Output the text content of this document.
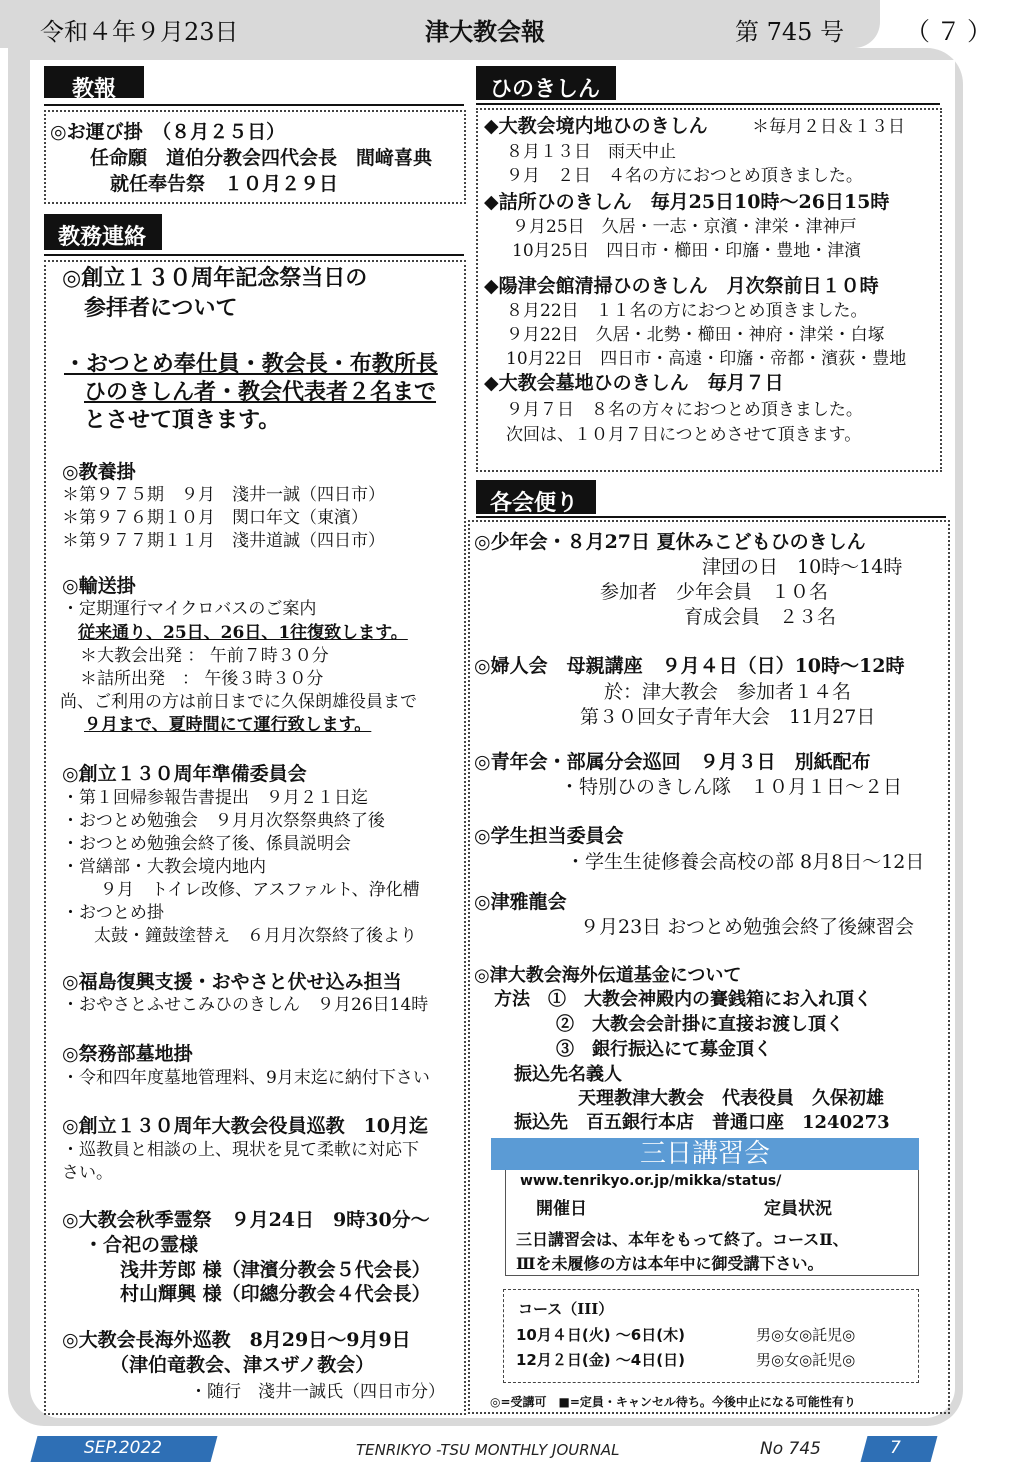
令和４年９月23日	津大教会報	第 745 号 （７）
教報
◎お運び掛　（８月２５日）
任命願　道伯分教会四代会長　間﨑喜典
就任奉告祭　１０月２９日
教務連絡
◎創立１３０周年記念祭当日の
参拝者について
・おつとめ奉仕員・教会長・布教所長
ひのきしん者・教会代表者２名まで
とさせて頂きます。
◎教養掛
＊第９７５期　９月　淺井一誠（四日市）
＊第９７６期１０月　関口年文（東濱）
＊第９７７期１１月　淺井道誠（四日市）
◎輸送掛
・定期運行マイクロバスのご案内
従来通り、25日、26日、1往復致します。
＊大教会出発 ： 午前７時３０分
＊詰所出発　： 午後３時３０分
尚、ご利用の方は前日までに久保朗雄役員まで
９月まで、夏時間にて運行致します。
◎創立１３０周年準備委員会
・第１回帰参報告書提出　９月２１日迄
・おつとめ勉強会　９月月次祭祭典終了後
・おつとめ勉強会終了後、係員説明会
・営繕部・大教会境内地内
９月　トイレ改修、アスファルト、浄化槽
・おつとめ掛
太鼓・鐘鼓塗替え　６月月次祭終了後より
◎福島復興支援・おやさと伏せ込み担当
・おやさとふせこみひのきしん　９月26日14時
◎祭務部墓地掛
・令和四年度墓地管理料、9月末迄に納付下さい
◎創立１３０周年大教会役員巡教　10月迄
・巡教員と相談の上、現状を見て柔軟に対応下
さい。
◎大教会秋季霊祭　９月24日　9時30分～
・合祀の霊様
浅井芳郎 様（津濱分教会５代会長）
村山輝興 様（印總分教会４代会長）
◎大教会長海外巡教　8月29日～9月9日
（津伯竜教会、津スザノ教会）
・随行　淺井一誠氏（四日市分）
ひのきしん
◆大教会境内地ひのきしん	＊毎月２日＆１３日
８月１３日　雨天中止
９月　２日　４名の方におつとめ頂きました。
◆詰所ひのきしん　毎月25日10時～26日15時
９月25日　久居・一志・京濱・津栄・津神戸
10月25日　四日市・櫛田・印旛・豊地・津濱
◆陽津会館清掃ひのきしん　月次祭前日１０時
８月22日　１１名の方におつとめ頂きました。
９月22日　久居・北勢・櫛田・神府・津栄・白塚
10月22日　四日市・高遠・印旛・帝都・濱荻・豊地
◆大教会墓地ひのきしん　毎月７日
９月７日　８名の方々におつとめ頂きました。
次回は、１０月７日につとめさせて頂きます。
各会便り
◎少年会・８月27日 夏休みこどもひのきしん
津団の日　10時～14時
参加者　少年会員　１０名
育成会員　２３名
◎婦人会　母親講座　９月４日（日）10時～12時
於：津大教会　参加者１４名
第３０回女子青年大会　11月27日
◎青年会・部属分会巡回　９月３日　別紙配布
・特別ひのきしん隊　１０月１日～２日
◎学生担当委員会
・学生生徒修養会高校の部 8月8日～12日
◎津雅龍会
９月23日 おつとめ勉強会終了後練習会
◎津大教会海外伝道基金について
方法　①　大教会神殿内の賽銭箱にお入れ頂く
②　大教会会計掛に直接お渡し頂く
③　銀行振込にて募金頂く
振込先名義人
天理教津大教会　代表役員　久保初雄
振込先　百五銀行本店　普通口座　1240273
三日講習会
www.tenrikyo.or.jp/mikka/status/
開催日	定員状況
三日講習会は、本年をもって終了。コースⅡ、
Ⅲを未履修の方は本年中に御受講下さい。
コース（III）
10月４日(火) ～6日(木)	男◎女◎託児◎
12月２日(金) ～4日(日)	男◎女◎託児◎
◎=受講可　■=定員・キャンセル待ち。今後中止になる可能性有り
SEP.2022	TENRIKYO -TSU MONTHLY JOURNAL	No 745	7
